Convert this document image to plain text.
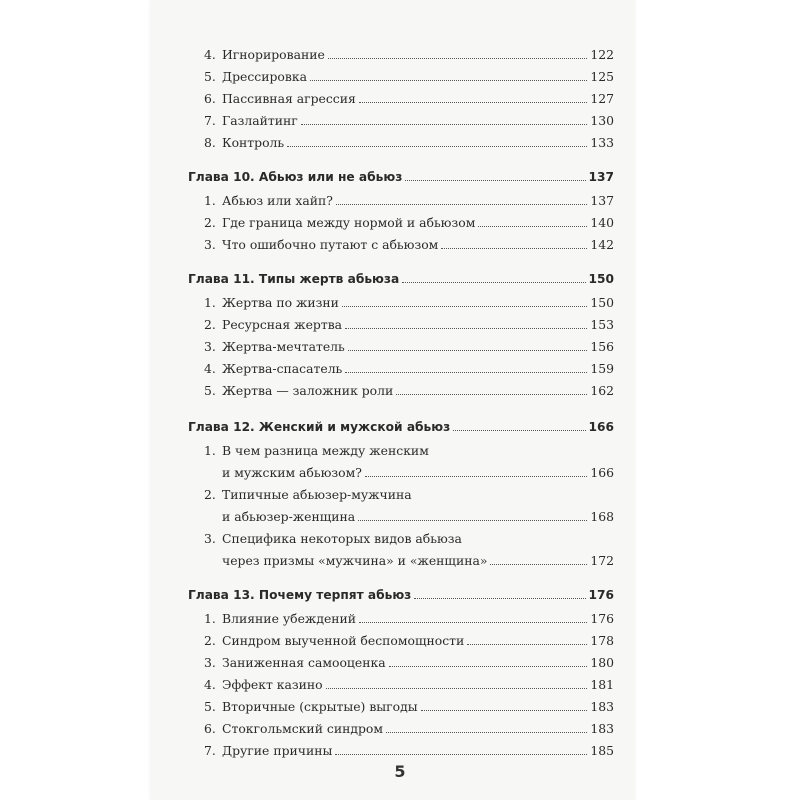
4. Игнорирование	122
5. Дрессировка	125
6. Пассивная агрессия	127
7. Газлайтинг	130
8. Контроль	133
Глава 10. Абьюз или не абьюз	137
1. Абьюз или хайп?	137
2. Где граница между нормой и абьюзом	140
3. Что ошибочно путают с абьюзом	142
Глава 11. Типы жертв абьюза	150
1. Жертва по жизни	150
2. Ресурсная жертва	153
3. Жертва-мечтатель	156
4. Жертва-спасатель	159
5. Жертва — заложник роли	162
Глава 12. Женский и мужской абьюз	166
1. В чем разница между женским
и мужским абьюзом?	166
2. Типичные абьюзер-мужчина
и абьюзер-женщина	168
3. Специфика некоторых видов абьюза
через призмы «мужчина» и «женщина»	172
Глава 13. Почему терпят абьюз	176
1. Влияние убеждений	176
2. Синдром выученной беспомощности	178
3. Заниженная самооценка	180
4. Эффект казино	181
5. Вторичные (скрытые) выгоды	183
6. Стокгольмский синдром	183
7. Другие причины	185
5
